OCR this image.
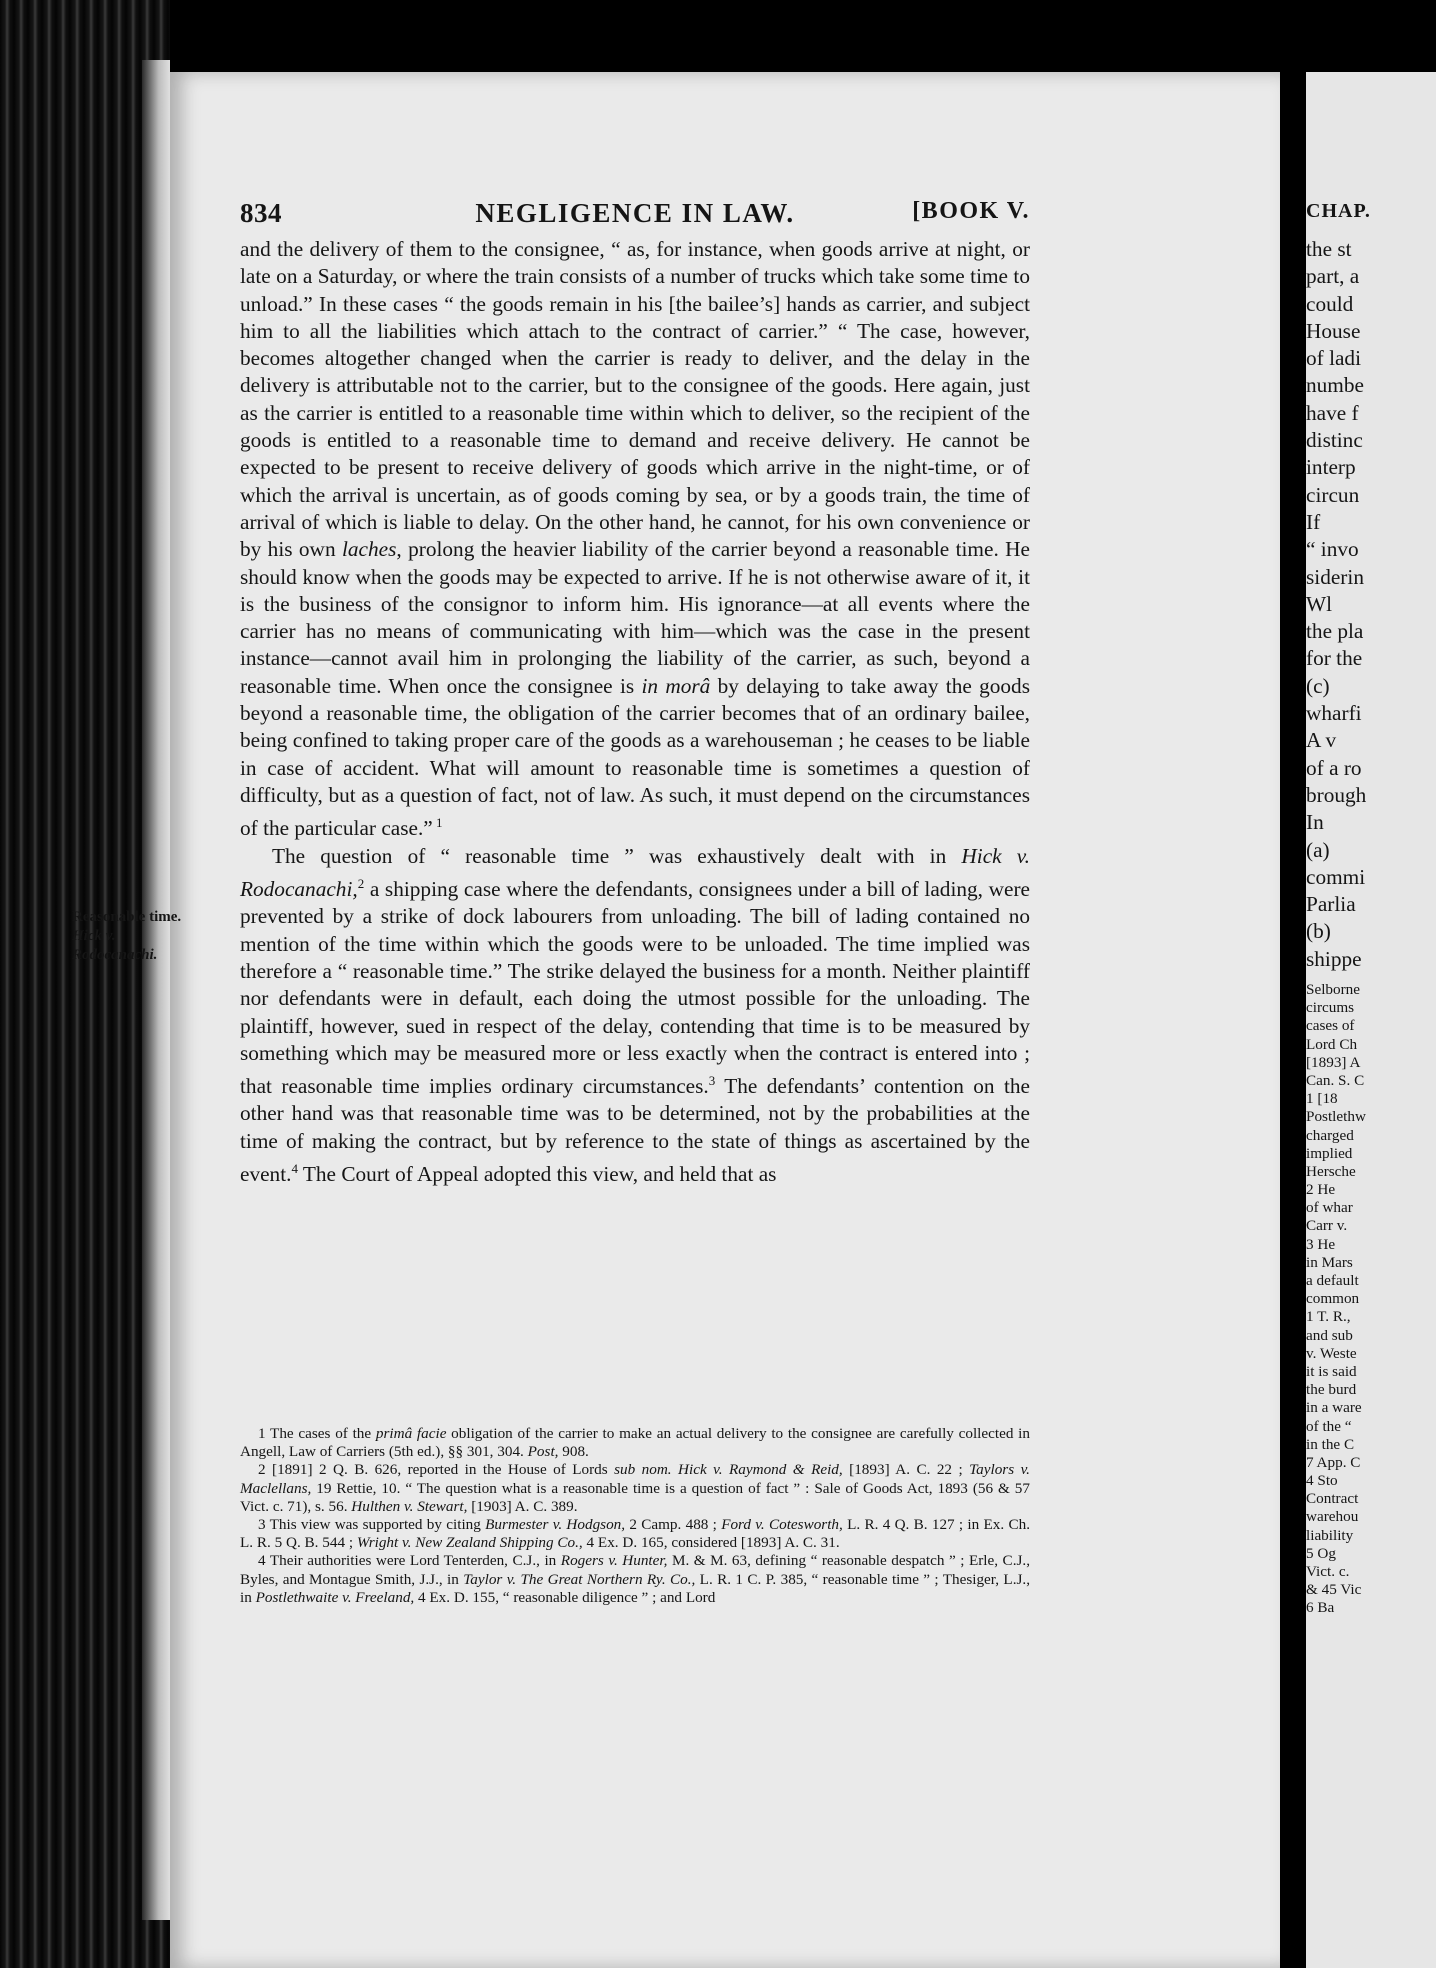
834	NEGLIGENCE IN LAW.	[BOOK V.

and the delivery of them to the consignee, “ as, for instance, when goods arrive at night, or late on a Saturday, or where the train consists of a number of trucks which take some time to unload.” In these cases “ the goods remain in his [the bailee’s] hands as carrier, and subject him to all the liabilities which attach to the contract of carrier.” “ The case, however, becomes altogether changed when the carrier is ready to deliver, and the delay in the delivery is attributable not to the carrier, but to the consignee of the goods. Here again, just as the carrier is entitled to a reasonable time within which to deliver, so the recipient of the goods is entitled to a reasonable time to demand and receive delivery. He cannot be expected to be present to receive delivery of goods which arrive in the night-time, or of which the arrival is uncertain, as of goods coming by sea, or by a goods train, the time of arrival of which is liable to delay. On the other hand, he cannot, for his own convenience or by his own laches, prolong the heavier liability of the carrier beyond a reasonable time. He should know when the goods may be expected to arrive. If he is not otherwise aware of it, it is the business of the consignor to inform him. His ignorance—at all events where the carrier has no means of communicating with him—which was the case in the present instance—cannot avail him in prolonging the liability of the carrier, as such, beyond a reasonable time. When once the consignee is in morâ by delaying to take away the goods beyond a reasonable time, the obligation of the carrier becomes that of an ordinary bailee, being confined to taking proper care of the goods as a warehouseman ; he ceases to be liable in case of accident. What will amount to reasonable time is sometimes a question of difficulty, but as a question of fact, not of law. As such, it must depend on the circumstances of the particular case.” $^1$

The question of “ reasonable time ” was exhaustively dealt with in Hick v. Rodocanachi,$^2$ a shipping case where the defendants, consignees under a bill of lading, were prevented by a strike of dock labourers from unloading. The bill of lading contained no mention of the time within which the goods were to be unloaded. The time implied was therefore a “ reasonable time.” The strike delayed the business for a month. Neither plaintiff nor defendants were in default, each doing the utmost possible for the unloading. The plaintiff, however, sued in respect of the delay, contending that time is to be measured by something which may be measured more or less exactly when the contract is entered into ; that reasonable time implies ordinary circumstances.$^3$ The defendants’ contention on the other hand was that reasonable time was to be determined, not by the probabilities at the time of making the contract, but by reference to the state of things as ascertained by the event.$^4$ The Court of Appeal adopted this view, and held that as

Reasonable time.
Hick v.
Rodocanachi.

1 The cases of the primâ facie obligation of the carrier to make an actual delivery to the consignee are carefully collected in Angell, Law of Carriers (5th ed.), §§ 301, 304. Post, 908.

2 [1891] 2 Q. B. 626, reported in the House of Lords sub nom. Hick v. Raymond & Reid, [1893] A. C. 22 ; Taylors v. Maclellans, 19 Rettie, 10. “ The question what is a reasonable time is a question of fact ” : Sale of Goods Act, 1893 (56 & 57 Vict. c. 71), s. 56. Hulthen v. Stewart, [1903] A. C. 389.

3 This view was supported by citing Burmester v. Hodgson, 2 Camp. 488 ; Ford v. Cotesworth, L. R. 4 Q. B. 127 ; in Ex. Ch. L. R. 5 Q. B. 544 ; Wright v. New Zealand Shipping Co., 4 Ex. D. 165, considered [1893] A. C. 31.

4 Their authorities were Lord Tenterden, C.J., in Rogers v. Hunter, M. & M. 63, defining “ reasonable despatch ” ; Erle, C.J., Byles, and Montague Smith, J.J., in Taylor v. The Great Northern Ry. Co., L. R. 1 C. P. 385, “ reasonable time ” ; Thesiger, L.J., in Postlethwaite v. Freeland, 4 Ex. D. 155, “ reasonable diligence ” ; and Lord

CHAP.
the st
part, a
could
House
of ladi
numbe
have f
distinc
interp
circun
If
“ invo
siderin
Wl
the pla
for the
(c)
wharfi
A v
of a ro
brough
In
(a)
commi
Parlia
(b)
shippe
Selborne
circums
cases of
Lord Ch
[1893] A
Can. S. C
1 [18
Postlethw
charged
implied
Hersche
2 He
of whar
Carr v.
3 He
in Mars
a default
common
1 T. R.,
and sub
v. Weste
it is said
the burd
in a ware
of the “
in the C
7 App. C
4 Sto
Contract
warehou
liability
5 Og
Vict. c.
& 45 Vic
6 Ba
